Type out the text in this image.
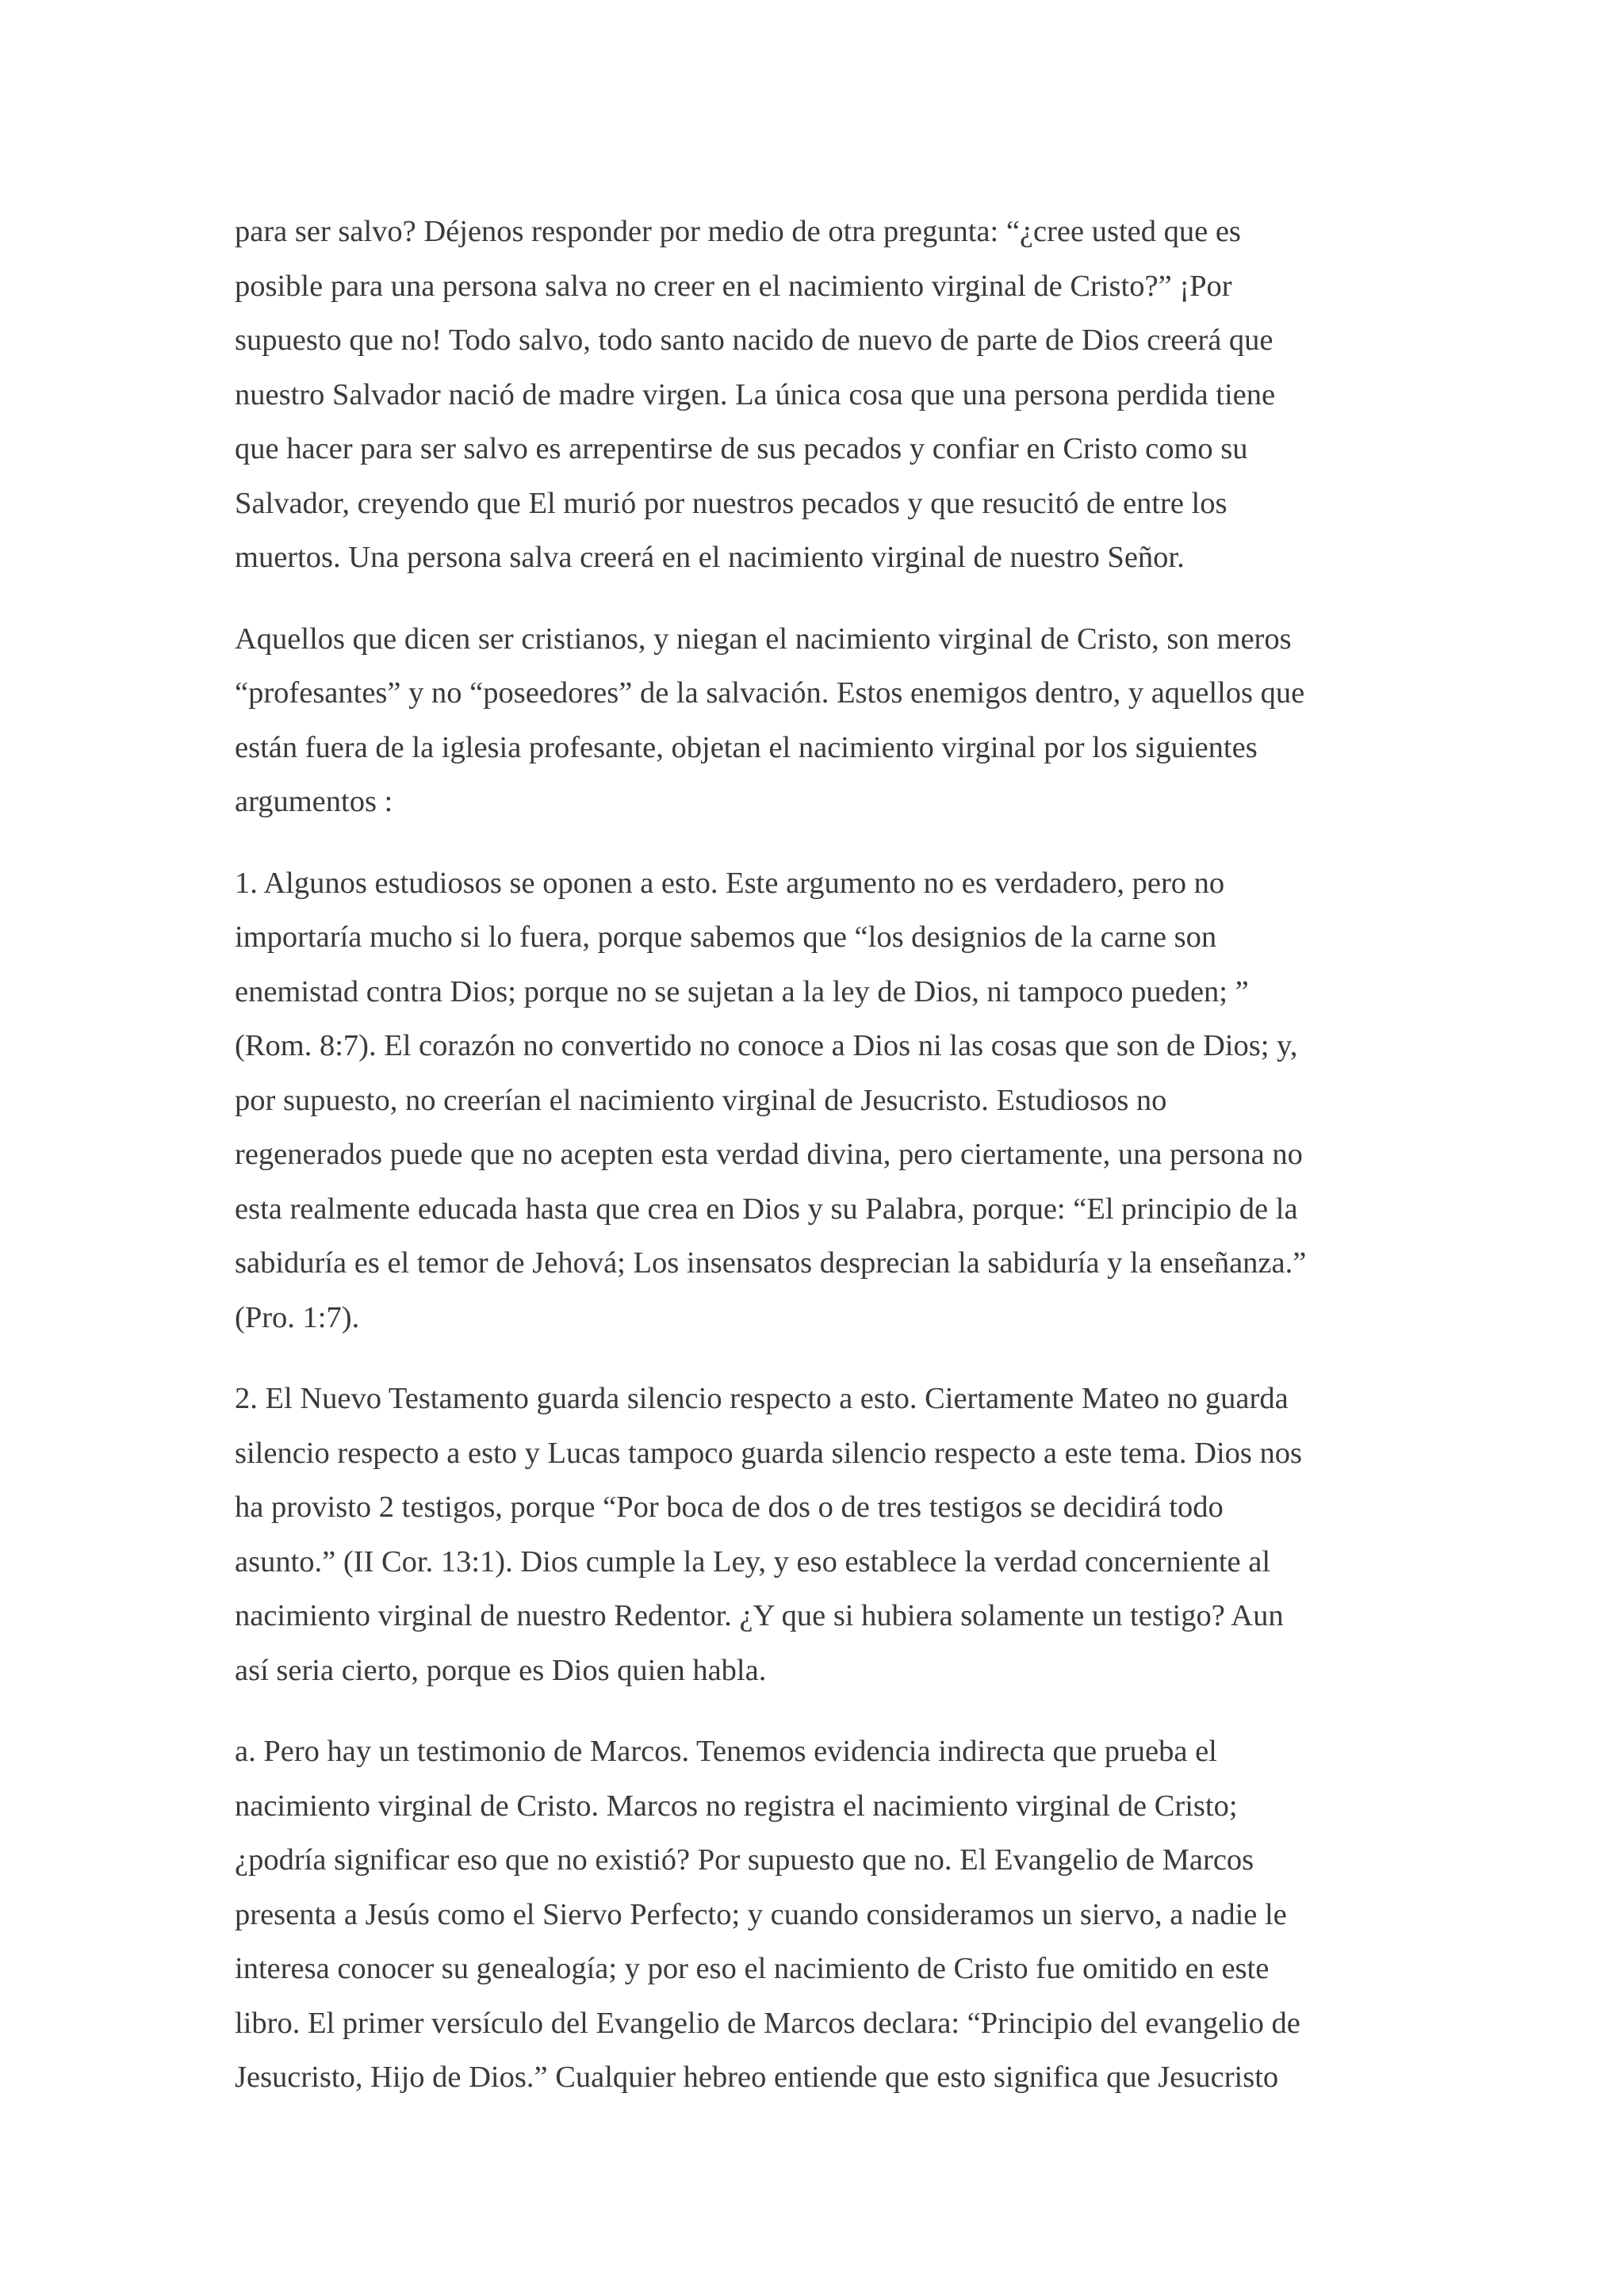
para ser salvo? Déjenos responder por medio de otra pregunta: “¿cree usted que es
posible para una persona salva no creer en el nacimiento virginal de Cristo?” ¡Por
supuesto que no! Todo salvo, todo santo nacido de nuevo de parte de Dios creerá que
nuestro Salvador nació de madre virgen. La única cosa que una persona perdida tiene
que hacer para ser salvo es arrepentirse de sus pecados y confiar en Cristo como su
Salvador, creyendo que El murió por nuestros pecados y que resucitó de entre los
muertos. Una persona salva creerá en el nacimiento virginal de nuestro Señor.

Aquellos que dicen ser cristianos, y niegan el nacimiento virginal de Cristo, son meros
“profesantes” y no “poseedores” de la salvación. Estos enemigos dentro, y aquellos que
están fuera de la iglesia profesante, objetan el nacimiento virginal por los siguientes
argumentos :

1. Algunos estudiosos se oponen a esto. Este argumento no es verdadero, pero no
importaría mucho si lo fuera, porque sabemos que “los designios de la carne son
enemistad contra Dios; porque no se sujetan a la ley de Dios, ni tampoco pueden; ”
(Rom. 8:7). El corazón no convertido no conoce a Dios ni las cosas que son de Dios; y,
por supuesto, no creerían el nacimiento virginal de Jesucristo. Estudiosos no
regenerados puede que no acepten esta verdad divina, pero ciertamente, una persona no
esta realmente educada hasta que crea en Dios y su Palabra, porque: “El principio de la
sabiduría es el temor de Jehová; Los insensatos desprecian la sabiduría y la enseñanza.”
(Pro. 1:7).

2. El Nuevo Testamento guarda silencio respecto a esto. Ciertamente Mateo no guarda
silencio respecto a esto y Lucas tampoco guarda silencio respecto a este tema. Dios nos
ha provisto 2 testigos, porque “Por boca de dos o de tres testigos se decidirá todo
asunto.” (II Cor. 13:1). Dios cumple la Ley, y eso establece la verdad concerniente al
nacimiento virginal de nuestro Redentor. ¿Y que si hubiera solamente un testigo? Aun
así seria cierto, porque es Dios quien habla.

a. Pero hay un testimonio de Marcos. Tenemos evidencia indirecta que prueba el
nacimiento virginal de Cristo. Marcos no registra el nacimiento virginal de Cristo;
¿podría significar eso que no existió? Por supuesto que no. El Evangelio de Marcos
presenta a Jesús como el Siervo Perfecto; y cuando consideramos un siervo, a nadie le
interesa conocer su genealogía; y por eso el nacimiento de Cristo fue omitido en este
libro. El primer versículo del Evangelio de Marcos declara: “Principio del evangelio de
Jesucristo, Hijo de Dios.” Cualquier hebreo entiende que esto significa que Jesucristo
